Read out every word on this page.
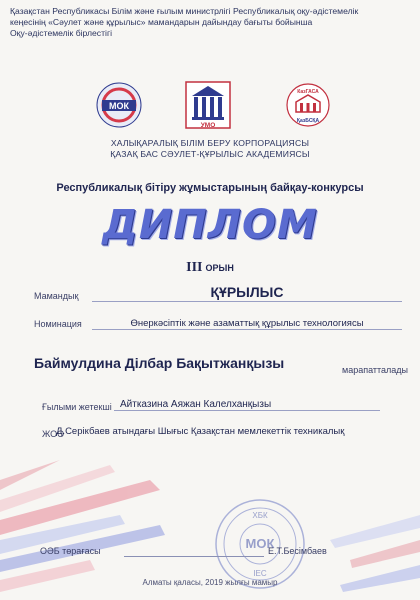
Қазақстан Республикасы Білім және ғылым министрлігі Республикалық оқу-әдістемелік
кеңесінің «Сәулет және құрылыс» мамандарын дайындау бағыты бойынша
Оқу-әдістемелік бірлестігі
МОК
УМО
КазГАСА
ҚазБСҚА
ХАЛЫҚАРАЛЫҚ БІЛІМ БЕРУ КОРПОРАЦИЯСЫ
ҚАЗАҚ БАС СӘУЛЕТ-ҚҰРЫЛЫС АКАДЕМИЯСЫ
Республикалық бітіру жұмыстарының байқау-конкурсы
ДИПЛОМ
III ОРЫН
Мамандық	ҚҰРЫЛЫС
Номинация	Өнеркәсіптік және азаматтық құрылыс технологиясы
Баймулдина Ділбар Бақытжанқызы	марапатталады
Ғылыми жетекші Айтказина Аяжан Калелханқызы
ЖОО
Д.Серікбаев атындағы Шығыс Қазақстан мемлекеттік техникалық
ХБК
МОК
IEC
ОӘБ төрағасы	Е.Т.Бесімбаев
Алматы қаласы, 2019 жылғы мамыр
